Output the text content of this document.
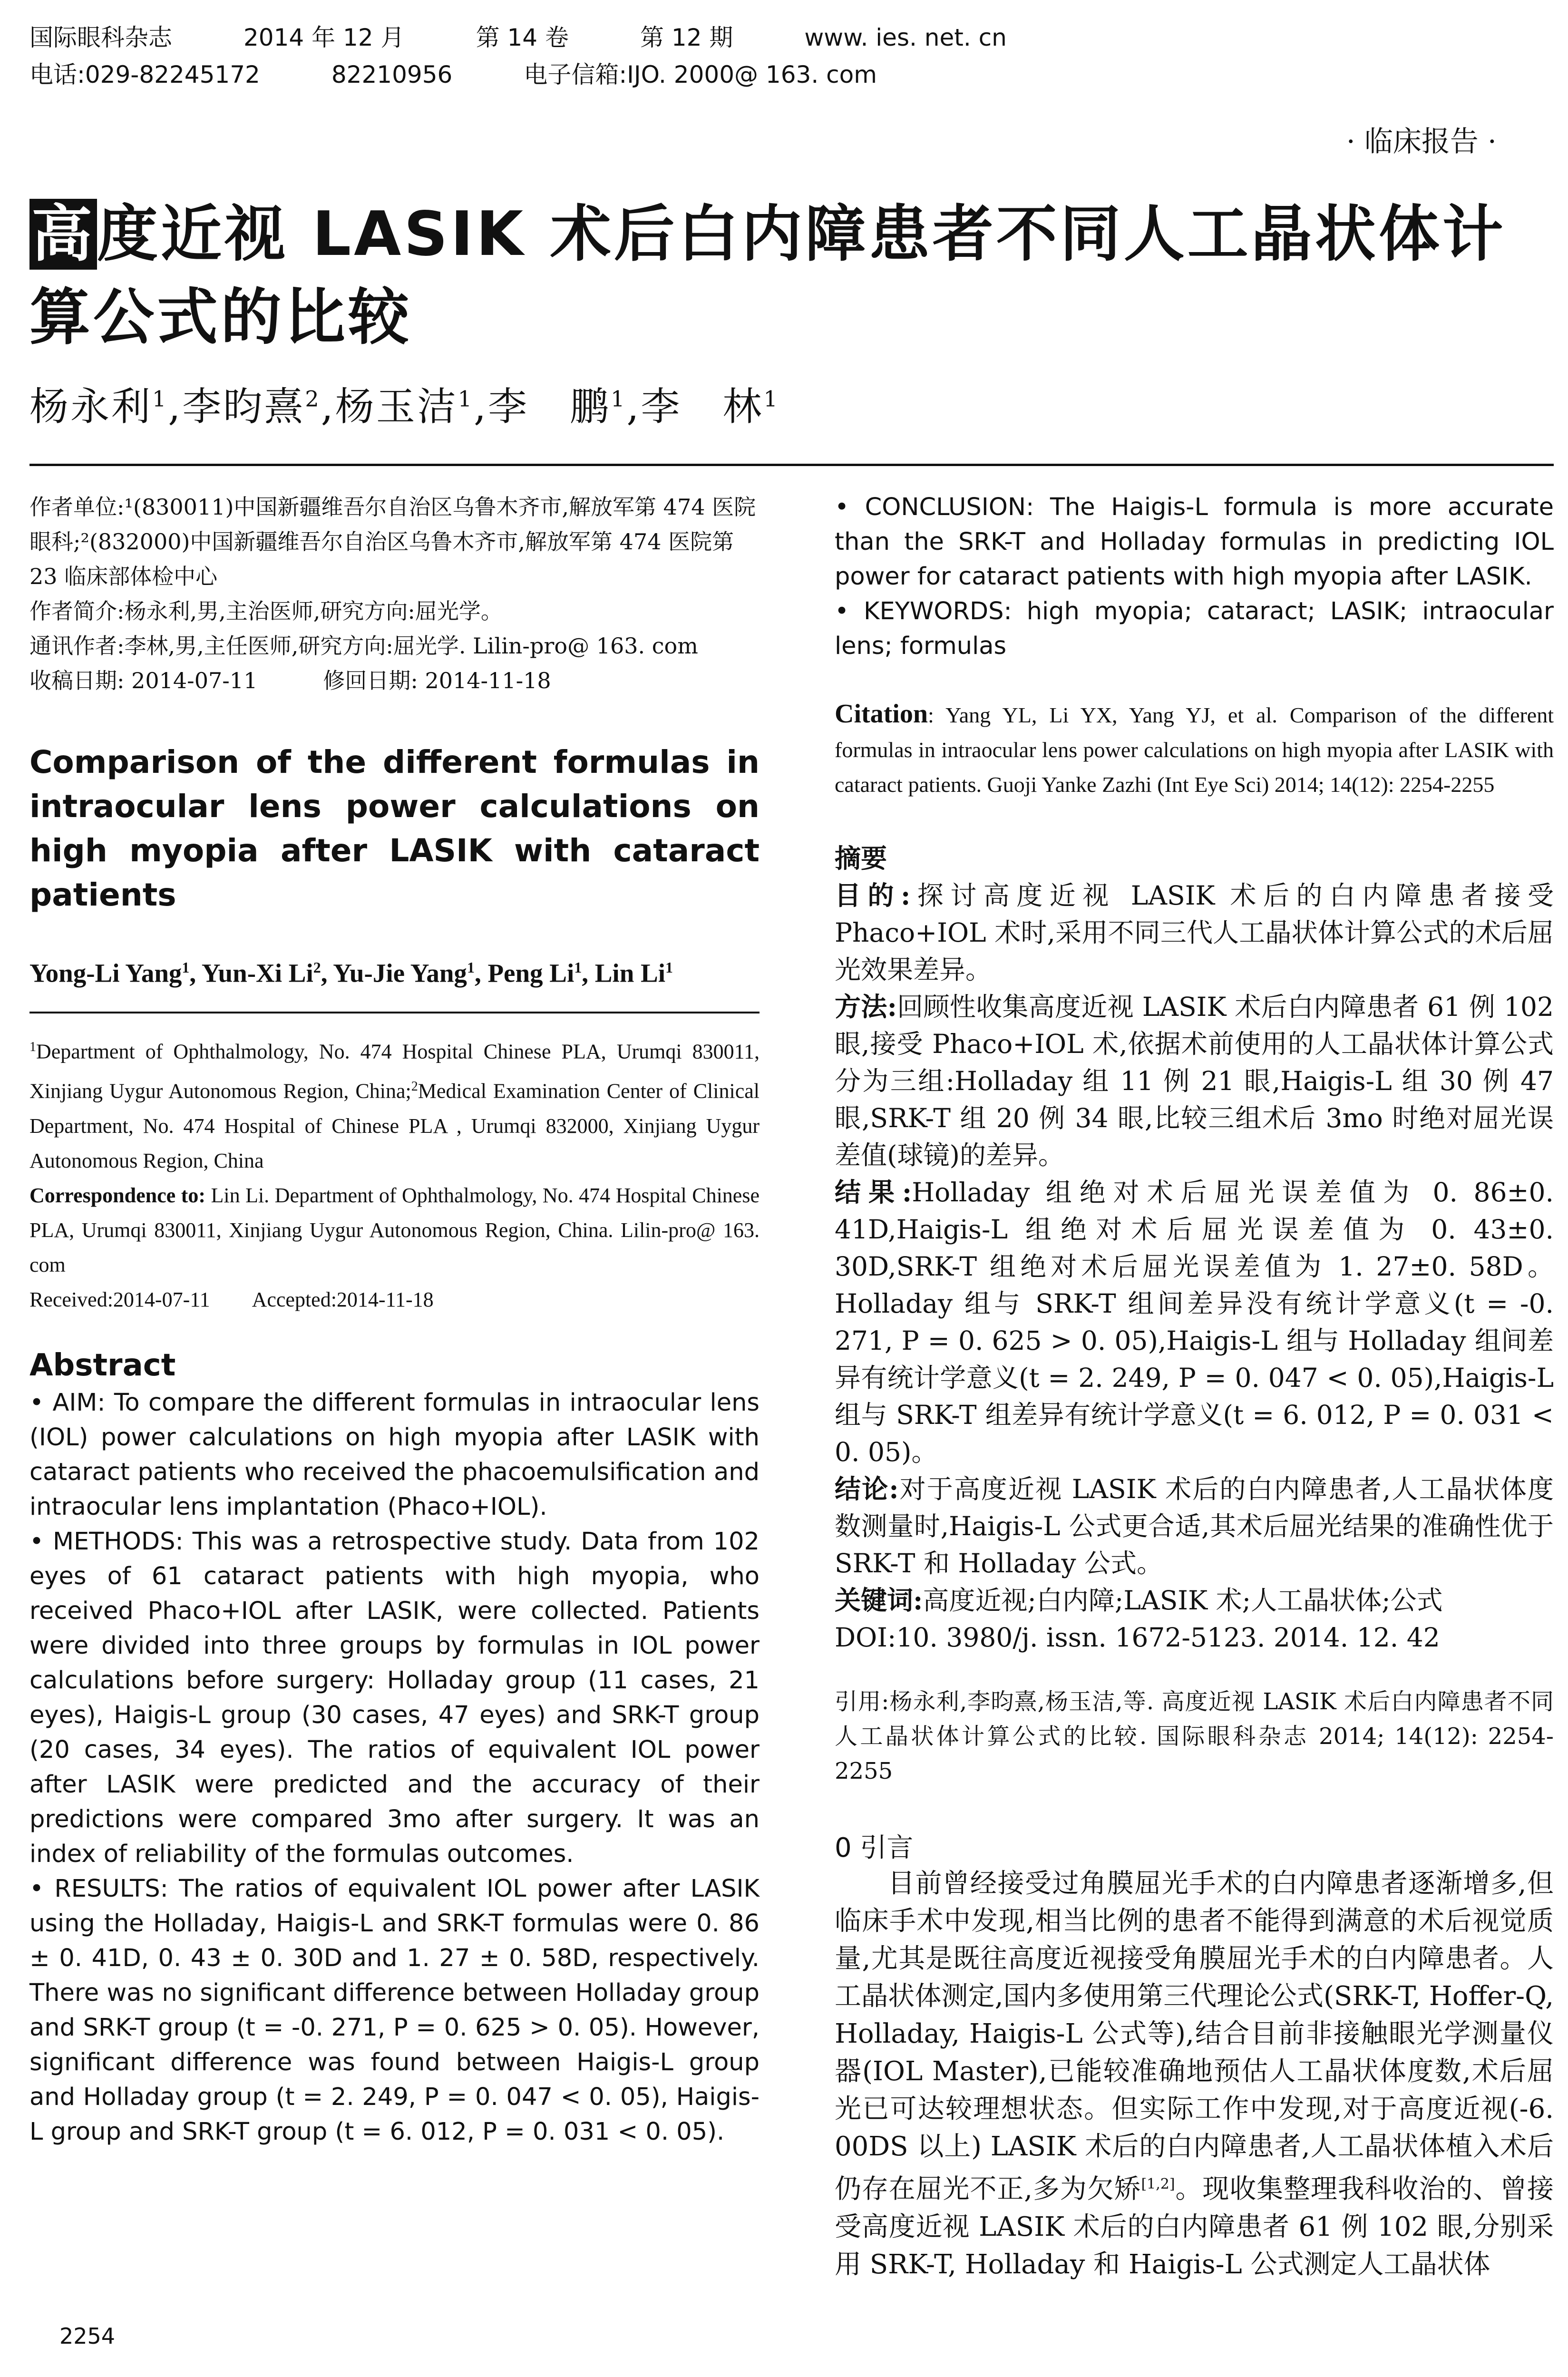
国际眼科杂志	2014 年 12 月	第 14 卷	第 12 期	www. ies. net. cn
电话:029-82245172	82210956	电子信箱:IJO. 2000@ 163. com
· 临床报告 ·
高度近视 LASIK 术后白内障患者不同人工晶状体计算公式的比较
杨永利$^1$,李昀熹$^2$,杨玉洁$^1$,李　鹏$^1$,李　林$^1$

作者单位:¹(830011)中国新疆维吾尔自治区乌鲁木齐市,解放军第 474 医院眼科;²(832000)中国新疆维吾尔自治区乌鲁木齐市,解放军第 474 医院第 23 临床部体检中心

作者简介:杨永利,男,主治医师,研究方向:屈光学。

通讯作者:李林,男,主任医师,研究方向:屈光学. Lilin-pro@ 163. com

收稿日期: 2014-07-11   	修回日期: 2014-11-18

Comparison of the different formulas in intraocular lens power calculations on high myopia after LASIK with cataract patients
Yong-Li Yang$^1$, Yun-Xi Li$^2$, Yu-Jie Yang$^1$, Peng Li$^1$, Lin Li$^1$

$^1$Department of Ophthalmology, No. 474 Hospital Chinese PLA, Urumqi 830011, Xinjiang Uygur Autonomous Region, China;$^2$Medical Examination Center of Clinical Department, No. 474 Hospital of Chinese PLA , Urumqi 832000, Xinjiang Uygur Autonomous Region, China

Correspondence to: Lin Li. Department of Ophthalmology, No. 474 Hospital Chinese PLA, Urumqi 830011, Xinjiang Uygur Autonomous Region, China. Lilin-pro@ 163. com

Received:2014-07-11   Accepted:2014-11-18

Abstract

• AIM: To compare the different formulas in intraocular lens (IOL) power calculations on high myopia after LASIK with cataract patients who received the phacoemulsification and intraocular lens implantation (Phaco+IOL).

• METHODS: This was a retrospective study. Data from 102 eyes of 61 cataract patients with high myopia, who received Phaco+IOL after LASIK, were collected. Patients were divided into three groups by formulas in IOL power calculations before surgery: Holladay group (11 cases, 21 eyes), Haigis-L group (30 cases, 47 eyes) and SRK-T group (20 cases, 34 eyes). The ratios of equivalent IOL power after LASIK were predicted and the accuracy of their predictions were compared 3mo after surgery. It was an index of reliability of the formulas outcomes.

• RESULTS: The ratios of equivalent IOL power after LASIK using the Holladay, Haigis-L and SRK-T formulas were 0. 86 ± 0. 41D, 0. 43 ± 0. 30D and 1. 27 ± 0. 58D, respectively. There was no significant difference between Holladay group and SRK-T group (t = -0. 271, P = 0. 625 > 0. 05). However, significant difference was found between Haigis-L group and Holladay group (t = 2. 249, P = 0. 047 < 0. 05), Haigis-L group and SRK-T group (t = 6. 012, P = 0. 031 < 0. 05).

• CONCLUSION: The Haigis-L formula is more accurate than the SRK-T and Holladay formulas in predicting IOL power for cataract patients with high myopia after LASIK.

• KEYWORDS: high myopia; cataract; LASIK; intraocular lens; formulas

Citation: Yang YL, Li YX, Yang YJ, et al. Comparison of the different formulas in intraocular lens power calculations on high myopia after LASIK with cataract patients. Guoji Yanke Zazhi (Int Eye Sci) 2014; 14(12): 2254-2255

摘要

目的:探讨高度近视 LASIK 术后的白内障患者接受 Phaco+IOL 术时,采用不同三代人工晶状体计算公式的术后屈光效果差异。

方法:回顾性收集高度近视 LASIK 术后白内障患者 61 例 102 眼,接受 Phaco+IOL 术,依据术前使用的人工晶状体计算公式分为三组:Holladay 组 11 例 21 眼,Haigis-L 组 30 例 47 眼,SRK-T 组 20 例 34 眼,比较三组术后 3mo 时绝对屈光误差值(球镜)的差异。

结果:Holladay 组绝对术后屈光误差值为 0. 86±0. 41D,Haigis-L 组绝对术后屈光误差值为 0. 43±0. 30D,SRK-T 组绝对术后屈光误差值为 1. 27±0. 58D。Holladay 组与 SRK-T 组间差异没有统计学意义(t = -0. 271, P = 0. 625 > 0. 05),Haigis-L 组与 Holladay 组间差异有统计学意义(t = 2. 249, P = 0. 047 < 0. 05),Haigis-L 组与 SRK-T 组差异有统计学意义(t = 6. 012, P = 0. 031 < 0. 05)。

结论:对于高度近视 LASIK 术后的白内障患者,人工晶状体度数测量时,Haigis-L 公式更合适,其术后屈光结果的准确性优于 SRK-T 和 Holladay 公式。

关键词:高度近视;白内障;LASIK 术;人工晶状体;公式

DOI:10. 3980/j. issn. 1672-5123. 2014. 12. 42

引用:杨永利,李昀熹,杨玉洁,等. 高度近视 LASIK 术后白内障患者不同人工晶状体计算公式的比较. 国际眼科杂志 2014; 14(12): 2254-2255
0 引言

目前曾经接受过角膜屈光手术的白内障患者逐渐增多,但临床手术中发现,相当比例的患者不能得到满意的术后视觉质量,尤其是既往高度近视接受角膜屈光手术的白内障患者。人工晶状体测定,国内多使用第三代理论公式(SRK-T, Hoffer-Q, Holladay, Haigis-L 公式等),结合目前非接触眼光学测量仪器(IOL Master),已能较准确地预估人工晶状体度数,术后屈光已可达较理想状态。但实际工作中发现,对于高度近视(-6. 00DS 以上) LASIK 术后的白内障患者,人工晶状体植入术后仍存在屈光不正,多为欠矫[1,2]。现收集整理我科收治的、曾接受高度近视 LASIK 术后的白内障患者 61 例 102 眼,分别采用 SRK-T, Holladay 和 Haigis-L 公式测定人工晶状体

2254
